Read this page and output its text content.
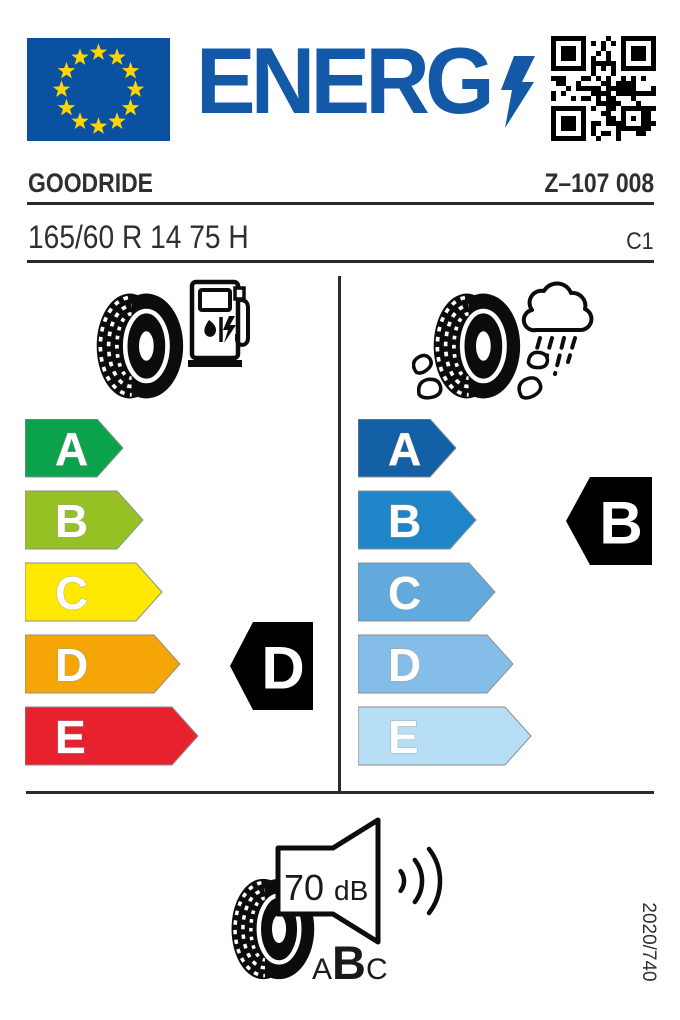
ENERG
GOODRIDE	Z–107 008
165/60 R 14 75 H	C1
A
B
C
D
E
A
B
C
D
E
D
B
70 dB
A B C	2020/740
